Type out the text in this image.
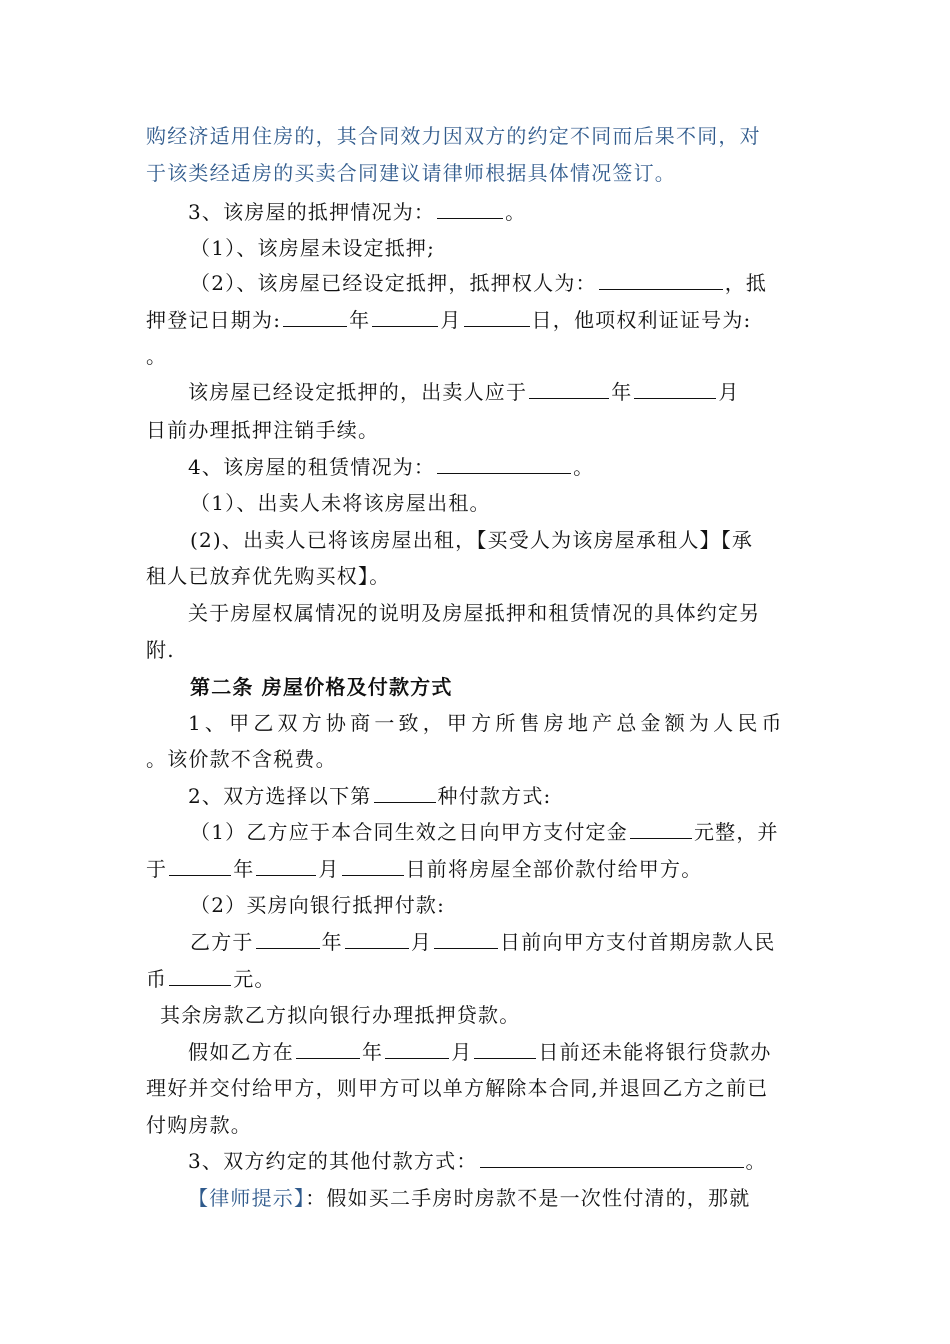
购经济适用住房的，其合同效力因双方的约定不同而后果不同，对
于该类经适房的买卖合同建议请律师根据具体情况签订。
3、该房屋的抵押情况为：	。
（1）、该房屋未设定抵押;
（2）、该房屋已经设定抵押，抵押权人为：	，抵
押登记日期为:	年	月	日，他项权利证证号为:
。
该房屋已经设定抵押的，出卖人应于	年	月
日前办理抵押注销手续。
4、该房屋的租赁情况为：	。
（1）、出卖人未将该房屋出租。
(2)、出卖人已将该房屋出租，【买受人为该房屋承租人】【承
租人已放弃优先购买权】。
关于房屋权属情况的说明及房屋抵押和租赁情况的具体约定另
附.
第二条 房屋价格及付款方式
1、甲乙双方协商一致，甲方所售房地产总金额为人民币
。该价款不含税费。
2、双方选择以下第	种付款方式:
（1）乙方应于本合同生效之日向甲方支付定金	元整，并
于	年	月	日前将房屋全部价款付给甲方。
（2）买房向银行抵押付款:
乙方于	年	月	日前向甲方支付首期房款人民
币	元。
其余房款乙方拟向银行办理抵押贷款。
假如乙方在	年	月	日前还未能将银行贷款办
理好并交付给甲方，则甲方可以单方解除本合同,并退回乙方之前已
付购房款。
3、双方约定的其他付款方式：	。
【律师提示】：假如买二手房时房款不是一次性付清的，那就
